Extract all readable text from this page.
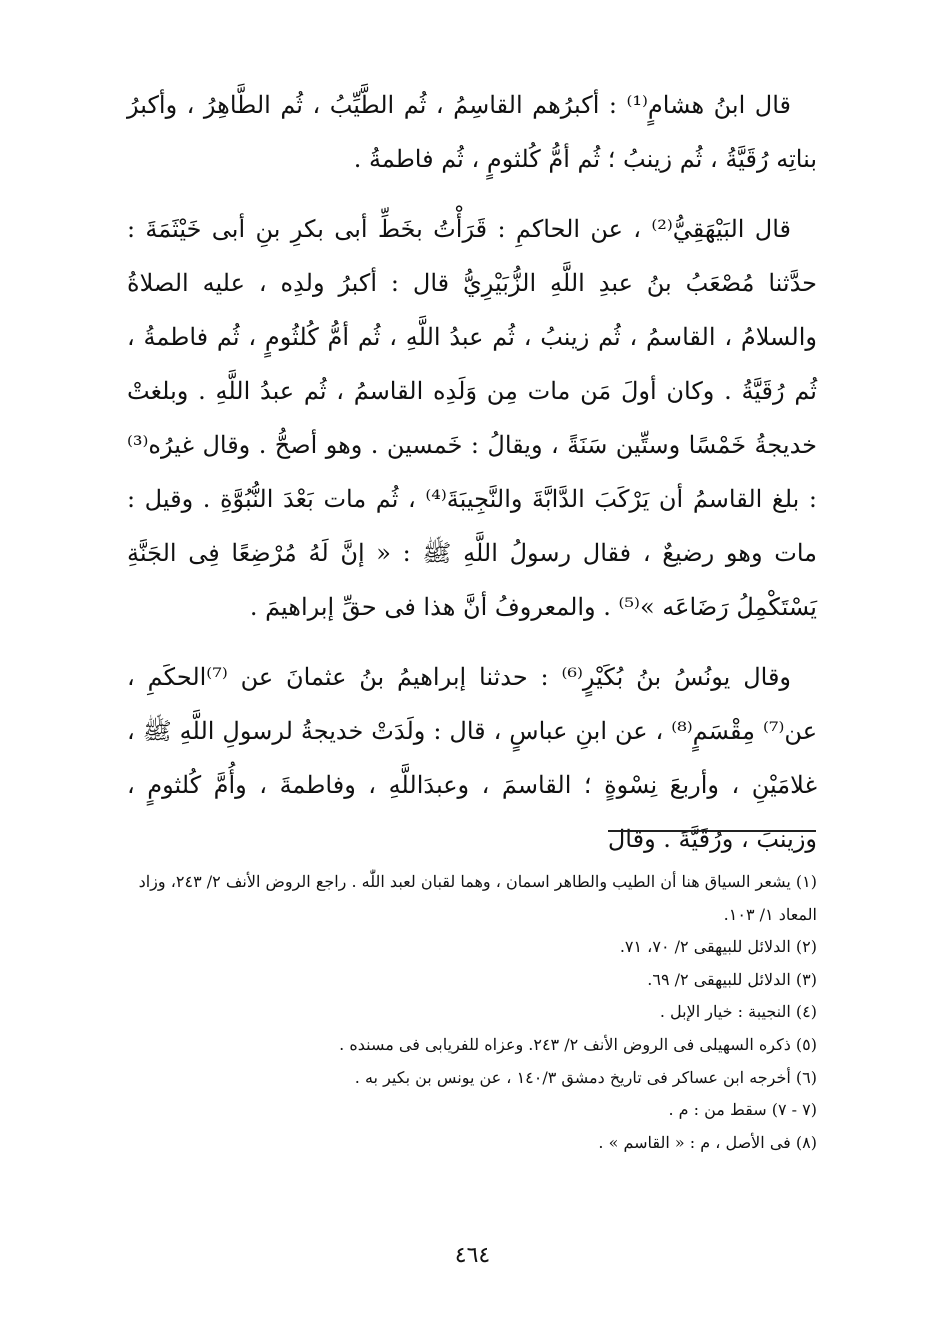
قال ابنُ هشامٍ⁽¹⁾ : أكبرُهم القاسِمُ ، ثُم الطَّيِّبُ ، ثُم الطَّاهِرُ ، وأكبرُ بناتِه رُقَيَّةُ ، ثُم زينبُ ؛ ثُم أمُّ كُلثومٍ ، ثُم فاطمةُ .

قال البَيْهَقِيُّ⁽²⁾ ، عن الحاكمِ : قَرَأْتُ بخَطِّ أبى بكرِ بنِ أبى خَيْثَمَةَ : حدَّثنا مُصْعَبُ بنُ عبدِ اللَّهِ الزُّبَيْرِيُّ قال : أكبرُ ولدِه ، عليه الصلاةُ والسلامُ ، القاسمُ ، ثُم زينبُ ، ثُم عبدُ اللَّهِ ، ثُم أمُّ كُلثُومٍ ، ثُم فاطمةُ ، ثُم رُقَيَّةُ . وكان أولَ مَن مات مِن وَلَدِه القاسمُ ، ثُم عبدُ اللَّهِ . وبلغتْ خديجةُ خَمْسًا وستِّين سَنَةً ، ويقالُ : خَمسين . وهو أصحُّ . وقال غيرُه⁽³⁾ : بلغ القاسمُ أن يَرْكَبَ الدَّابَّةَ والنَّجِيبَةَ⁽⁴⁾ ، ثُم مات بَعْدَ النُّبُوَّةِ . وقيل : مات وهو رضيعٌ ، فقال رسولُ اللَّهِ ﷺ : « إنَّ لَهُ مُرْضِعًا فِى الجَنَّةِ يَسْتَكْمِلُ رَضَاعَه »⁽⁵⁾ . والمعروفُ أنَّ هذا فى حقِّ إبراهيمَ .

وقال يونُسُ بنُ بُكَيْرٍ⁽⁶⁾ : حدثنا إبراهيمُ بنُ عثمانَ عن ⁽⁷⁾الحكَمِ ، عن⁽⁷⁾ مِقْسَمٍ⁽⁸⁾ ، عن ابنِ عباسٍ ، قال : ولَدَتْ خديجةُ لرسولِ اللَّهِ ﷺ ، غلامَيْنِ ، وأربعَ نِسْوةٍ ؛ القاسمَ ، وعبدَاللَّهِ ، وفاطمةَ ، وأُمَّ كُلثومٍ ، وزينبَ ، ورُقَيَّةَ . وقال

(١) يشعر السياق هنا أن الطيب والطاهر اسمان ، وهما لقبان لعبد اللّٰه . راجع الروض الأنف ٢/ ٢٤٣، وزاد المعاد ١/ ١٠٣.

(٢) الدلائل للبيهقى ٢/ ٧٠، ٧١.

(٣) الدلائل للبيهقى ٢/ ٦٩.

(٤) النجيبة : خيار الإبل .

(٥) ذكره السهيلى فى الروض الأنف ٢/ ٢٤٣. وعزاه للفريابى فى مسنده .

(٦) أخرجه ابن عساكر فى تاريخ دمشق ١٤٠/٣ ، عن يونس بن بكير به .

(٧ - ٧) سقط من : م .

(٨) فى الأصل ، م : « القاسم » .

٤٦٤
